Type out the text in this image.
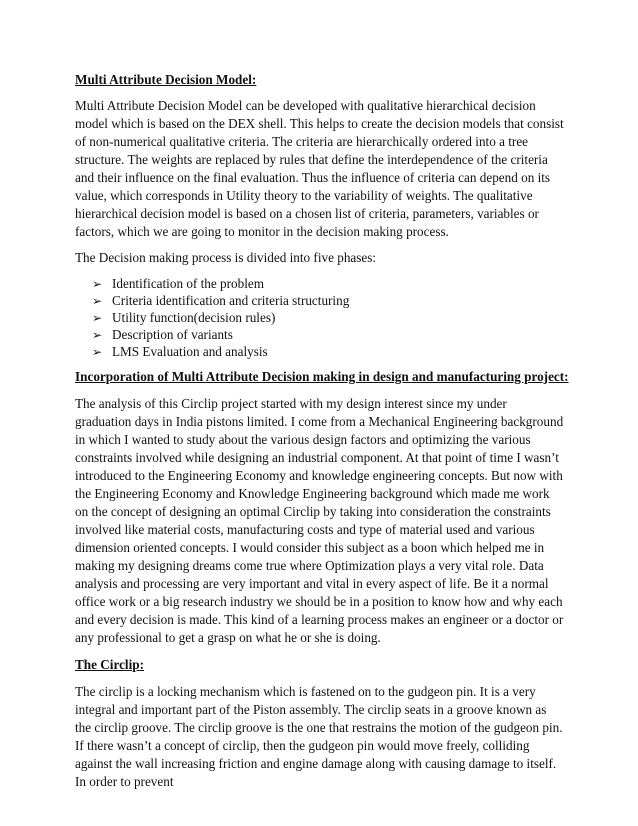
Multi Attribute Decision Model:

Multi Attribute Decision Model can be developed with qualitative hierarchical decision model which is based on the DEX shell. This helps to create the decision models that consist of non-numerical qualitative criteria. The criteria are hierarchically ordered into a tree structure. The weights are replaced by rules that define the interdependence of the criteria and their influence on the final evaluation. Thus the influence of criteria can depend on its value, which corresponds in Utility theory to the variability of weights. The qualitative hierarchical decision model is based on a chosen list of criteria, parameters, variables or factors, which we are going to monitor in the decision making process.

The Decision making process is divided into five phases:

➢ Identification of the problem
➢ Criteria identification and criteria structuring
➢ Utility function(decision rules)
➢ Description of variants
➢ LMS Evaluation and analysis
Incorporation of Multi Attribute Decision making in design and manufacturing project:

The analysis of this Circlip project started with my design interest since my under graduation days in India pistons limited. I come from a Mechanical Engineering background in which I wanted to study about the various design factors and optimizing the various constraints involved while designing an industrial component. At that point of time I wasn’t introduced to the Engineering Economy and knowledge engineering concepts. But now with the Engineering Economy and Knowledge Engineering background which made me work on the concept of designing an optimal Circlip by taking into consideration the constraints involved like material costs, manufacturing costs and type of material used and various dimension oriented concepts. I would consider this subject as a boon which helped me in making my designing dreams come true where Optimization plays a very vital role. Data analysis and processing are very important and vital in every aspect of life. Be it a normal office work or a big research industry we should be in a position to know how and why each and every decision is made. This kind of a learning process makes an engineer or a doctor or any professional to get a grasp on what he or she is doing.

The Circlip:

The circlip is a locking mechanism which is fastened on to the gudgeon pin. It is a very integral and important part of the Piston assembly. The circlip seats in a groove known as the circlip groove. The circlip groove is the one that restrains the motion of the gudgeon pin. If there wasn’t a concept of circlip, then the gudgeon pin would move freely, colliding against the wall increasing friction and engine damage along with causing damage to itself. In order to prevent
